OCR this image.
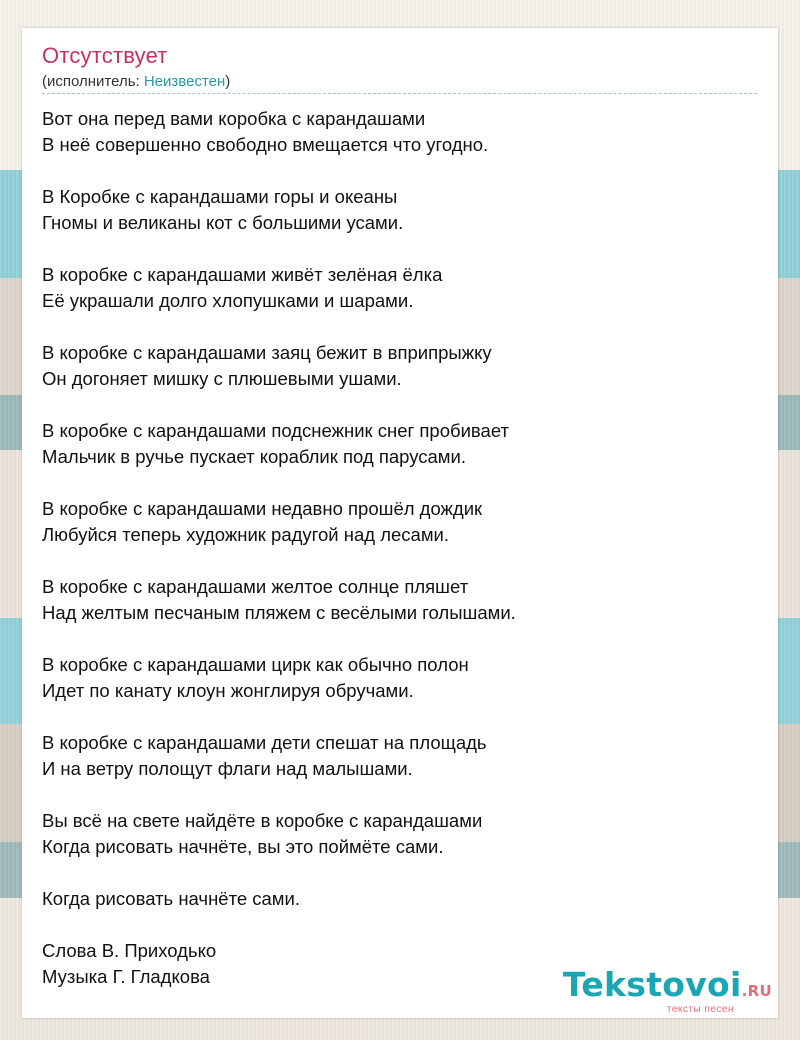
Отсутствует
(исполнитель: Неизвестен)
Вот она перед вами коробка с карандашами
В неё совершенно свободно вмещается что угодно.
В Коробке с карандашами горы и океаны
Гномы и великаны кот с большими усами.
В коробке с карандашами живёт зелёная ёлка
Её украшали долго хлопушками и шарами.
В коробке с карандашами заяц бежит в вприпрыжку
Он догоняет мишку с плюшевыми ушами.
В коробке с карандашами подснежник снег пробивает
Мальчик в ручье пускает кораблик под парусами.
В коробке с карандашами недавно прошёл дождик
Любуйся теперь художник радугой над лесами.
В коробке с карандашами желтое солнце пляшет
Над желтым песчаным пляжем с весёлыми голышами.
В коробке с карандашами цирк как обычно полон
Идет по канату клоун жонглируя обручами.
В коробке с карандашами дети спешат на площадь
И на ветру полощут флаги над малышами.
Вы всё на свете найдёте в коробке с карандашами
Когда рисовать начнёте, вы это поймёте сами.
Когда рисовать начнёте сами.
Слова В. Приходько
Музыка Г. Гладкова	Tekstovoi.RU
тексты песен
